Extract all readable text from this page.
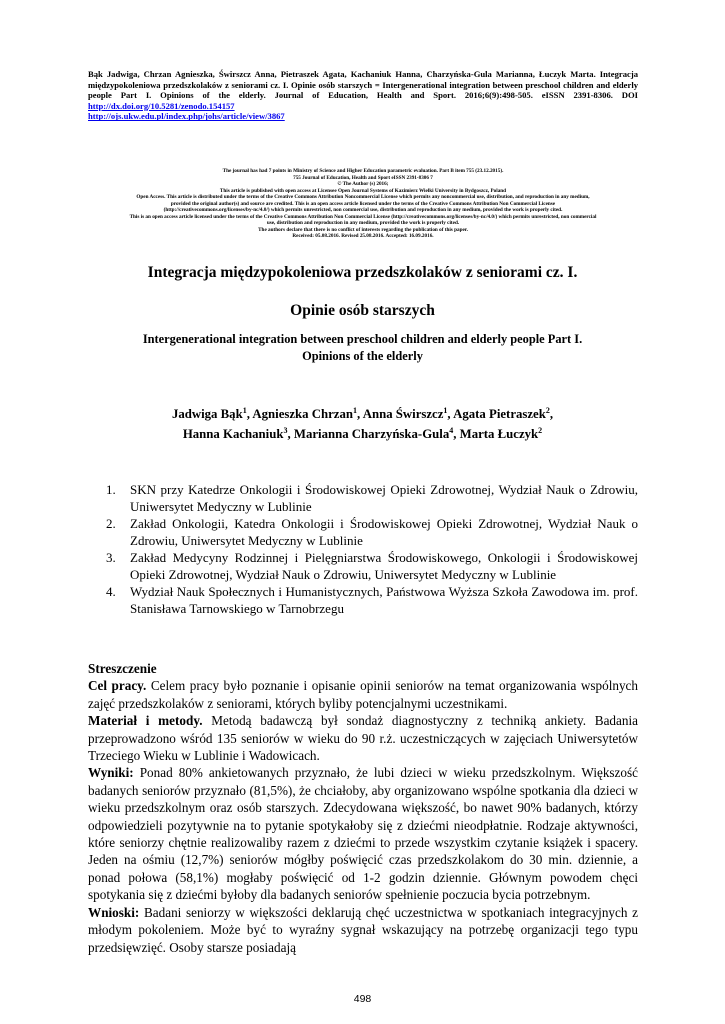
Bąk Jadwiga, Chrzan Agnieszka, Świrszcz Anna, Pietraszek Agata, Kachaniuk Hanna, Charzyńska-Gula Marianna, Łuczyk Marta. Integracja międzypokoleniowa przedszkolaków z seniorami cz. I. Opinie osób starszych = Intergenerational integration between preschool children and elderly people Part I. Opinions of the elderly. Journal of Education, Health and Sport. 2016;6(9):498-505. eISSN 2391-8306. DOI http://dx.doi.org/10.5281/zenodo.154157
http://ojs.ukw.edu.pl/index.php/johs/article/view/3867
The journal has had 7 points in Ministry of Science and Higher Education parametric evaluation. Part B item 755 (23.12.2015).
755 Journal of Education, Health and Sport eISSN 2391-8306 7
© The Author (s) 2016;
This article is published with open access at Licensee Open Journal Systems of Kazimierz Wielki University in Bydgoszcz, Poland
Open Access. This article is distributed under the terms of the Creative Commons Attribution Noncommercial License which permits any noncommercial use, distribution, and reproduction in any medium,
provided the original author(s) and source are credited. This is an open access article licensed under the terms of the Creative Commons Attribution Non Commercial License
(http://creativecommons.org/licenses/by-nc/4.0/) which permits unrestricted, non commercial use, distribution and reproduction in any medium, provided the work is properly cited.
This is an open access article licensed under the terms of the Creative Commons Attribution Non Commercial License (http://creativecommons.org/licenses/by-nc/4.0/) which permits unrestricted, non commercial
use, distribution and reproduction in any medium, provided the work is properly cited.
The authors declare that there is no conflict of interests regarding the publication of this paper.
Received: 05.08.2016. Revised 25.08.2016. Accepted: 16.09.2016.
Integracja międzypokoleniowa przedszkolaków z seniorami cz. I.
Opinie osób starszych
Intergenerational integration between preschool children and elderly people Part I.
Opinions of the elderly
Jadwiga Bąk$^1$, Agnieszka Chrzan$^1$, Anna Świrszcz$^1$, Agata Pietraszek$^2$,
Hanna Kachaniuk$^3$, Marianna Charzyńska-Gula$^4$, Marta Łuczyk$^2$
1. SKN przy Katedrze Onkologii i Środowiskowej Opieki Zdrowotnej, Wydział Nauk o Zdrowiu, Uniwersytet Medyczny w Lublinie
2. Zakład Onkologii, Katedra Onkologii i Środowiskowej Opieki Zdrowotnej, Wydział Nauk o Zdrowiu, Uniwersytet Medyczny w Lublinie
3. Zakład Medycyny Rodzinnej i Pielęgniarstwa Środowiskowego, Onkologii i Środowiskowej Opieki Zdrowotnej, Wydział Nauk o Zdrowiu, Uniwersytet Medyczny w Lublinie
4. Wydział Nauk Społecznych i Humanistycznych, Państwowa Wyższa Szkoła Zawodowa im. prof. Stanisława Tarnowskiego w Tarnobrzegu

Streszczenie

Cel pracy. Celem pracy było poznanie i opisanie opinii seniorów na temat organizowania wspólnych zajęć przedszkolaków z seniorami, których byliby potencjalnymi uczestnikami.

Materiał i metody. Metodą badawczą był sondaż diagnostyczny z techniką ankiety. Badania przeprowadzono wśród 135 seniorów w wieku do 90 r.ż. uczestniczących w zajęciach Uniwersytetów Trzeciego Wieku w Lublinie i Wadowicach.

Wyniki: Ponad 80% ankietowanych przyznało, że lubi dzieci w wieku przedszkolnym. Większość badanych seniorów przyznało (81,5%), że chciałoby, aby organizowano wspólne spotkania dla dzieci w wieku przedszkolnym oraz osób starszych. Zdecydowana większość, bo nawet 90% badanych, którzy odpowiedzieli pozytywnie na to pytanie spotykałoby się z dziećmi nieodpłatnie. Rodzaje aktywności, które seniorzy chętnie realizowaliby razem z dziećmi to przede wszystkim czytanie książek i spacery. Jeden na ośmiu (12,7%) seniorów mógłby poświęcić czas przedszkolakom do 30 min. dziennie, a ponad połowa (58,1%) mogłaby poświęcić od 1-2 godzin dziennie. Głównym powodem chęci spotykania się z dziećmi byłoby dla badanych seniorów spełnienie poczucia bycia potrzebnym.

Wnioski: Badani seniorzy w większości deklarują chęć uczestnictwa w spotkaniach integracyjnych z młodym pokoleniem. Może być to wyraźny sygnał wskazujący na potrzebę organizacji tego typu przedsięwzięć. Osoby starsze posiadają

498
